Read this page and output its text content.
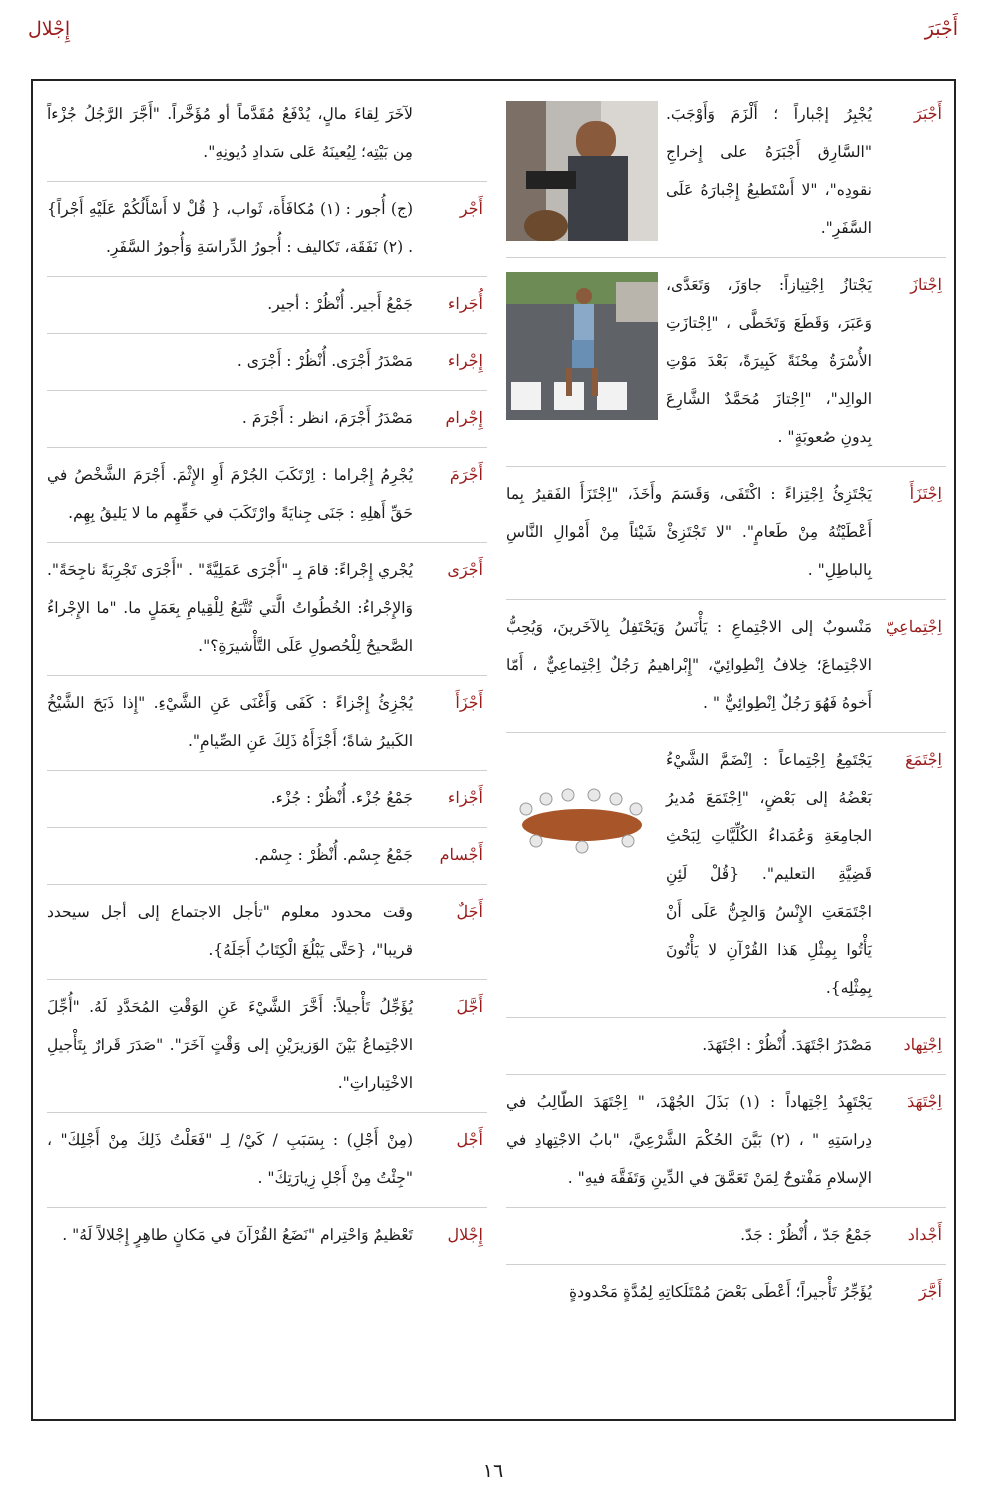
أَجْبَرَ
إِجْلال
أَجْبَرَ
يُجْبِرُ إجْباراً ؛ أَلْزَمَ وَأَوْجَبَ. "السَّارِق أَجْبَرَهُ على إِخراجِ نقودِه"، "لا أَسْتَطيعُ إِجْبارَهُ عَلَى السَّفَرِ".
اِجْتازَ
يَجْتازُ اِجْتِيازاً: جاوَزَ، وَتَعَدَّى، وَعَبَرَ، وَقَطَعَ وَتَخَطَّى ، "اِجْتازَتِ الأُسْرَةُ مِحْنَةً كَبِيرَةً، بَعْدَ مَوْتِ الوالِد"، "اِجْتازَ مُحَمَّدٌ الشَّارِعَ بِدونِ صُعوبَةٍ" .
اِجْتَزَأَ
يَجْتَزِئُ اِجْتِزاءً : اكْتَفَى، وَقَسَمَ وأَخَذَ، "اِجْتَزَأَ الفَقيرُ بِما أَعْطَيْتُهُ مِنْ طَعامٍ". "لا تَجْتَزِئْ شَيْئاً مِنْ أَمْوالِ النَّاسِ بِالباطِلِ" .
اِجْتِماعِيّ
مَنْسوبٌ إلى الاجْتِماعِ : يَأْنَسُ وَيَحْتَفِلُ بِالآخَرينَ، وَيُحِبُّ الاجْتِماعَ؛ خِلافُ اِنْطِوائِيّ، "إِبْراهيمُ رَجُلٌ اِجْتِماعِيٌّ ، أَمّا أَخوهُ فَهُوَ رَجُلٌ اِنْطِوائِيٌّ " .
اِجْتَمَعَ
يَجْتَمِعُ اِجْتِماعاً : اِنْضَمَّ الشَّيْءُ بَعْضُهُ إلى بَعْضٍ، "اِجْتَمَعَ مُديرُ الجامِعَةِ وَعُمَداءُ الكُلِّيَّاتِ لِبَحْثِ قَضِيَّةِ التعليم". {قُلْ لَئِنِ اجْتَمَعَتِ الإِنْسُ وَالجِنُّ عَلَى أَنْ يَأْتُوا بِمِثْلِ هَذا القُرْآنِ لا يَأْتُونَ بِمِثْلِه}.
اِجْتِهاد
مَصْدَرُ اجْتَهَدَ. أُنْظُرْ : اجْتَهَدَ.
اِجْتَهَدَ
يَجْتَهِدُ اِجْتِهاداً : (١) بَذَلَ الجُهْدَ، " اِجْتَهَدَ الطّالِبُ في دِراسَتِهِ " ، (٢) بَيَّنَ الحُكْمَ الشَّرْعِيَّ، "بابُ الاجْتِهادِ في الإسلامِ مَفْتوحٌ لِمَنْ تَعَمَّقَ في الدِّينِ وَتَفَقَّهَ فيهِ" .
أَجْداد
جَمْعُ جَدّ ، أُنْظُرْ : جَدّ.
أَجَّرَ
يُؤَجِّرُ تَأْجيراً؛ أَعْطَى بَعْضَ مُمْتَلَكاتِهِ لِمُدَّةٍ مَحْدودةٍ
لآخَرَ لِقاءَ مالٍ، يُدْفَعُ مُقَدَّماً أو مُؤَخَّراً. "أَجَّرَ الرَّجُلُ جُزْءاً مِن بَيْتِه؛ لِيُعينَهُ عَلى سَدادِ دُيونِهِ".
أَجْر
(ج) أُجور : (١) مُكافَأَة، ثَواب، { قُلْ لا أَسْأَلُكُمْ عَلَيْهِ أَجْراً} . (٢) نَفَقَة، تَكاليف : أُجورُ الدِّراسَةِ وَأُجورُ السَّفَرِ.
أُجَراء
جَمْعُ أَجير. أُنْظُرْ : أجير.
إِجْراء
مَصْدَرُ أَجْرَى. أُنْظُرْ : أَجْرَى .
إِجْرام
مَصْدَرُ أَجْرَمَ، انظر : أَجْرَمَ .
أَجْرَمَ
يُجْرِمُ إِجْراما : اِرْتَكَبَ الجُرْمَ أَوِ الإِثْمَ. أَجْرَمَ الشَّخْصُ في حَقِّ أَهلِهِ : جَنَى جِنايَةً وارْتَكَبَ في حَقِّهِم ما لا يَليقُ بِهِم.
أَجْرَى
يُجْري إِجْراءً: قامَ بِـ "أَجْرَى عَمَلِيَّةً" . "أَجْرَى تَجْرِبَةً ناجِحَةً". وَالإِجْراءُ: الخُطُواتُ الَّتي تُتَّبَعُ لِلْقِيامِ بِعَمَلٍ ما. "ما الإِجْراءُ الصَّحيحُ لِلْحُصولِ عَلَى التَّأْشيرَةِ؟".
أَجْزَأَ
يُجْزِئُ إِجْزاءً : كَفَى وَأَغْنَى عَنِ الشَّيْءِ. "إِذا ذَبَحَ الشَّيْخُ الكَبيرُ شاةً؛ أَجْزَأَهُ ذَلِكَ عَنِ الصِّيامِ".
أَجْزاء
جَمْعُ جُزْء. أُنْظُرْ : جُزْء.
أَجْسام
جَمْعُ جِسْم. أُنْظُرْ : جِسْم.
أَجَلٌ
وقت محدود معلوم "تأجل الاجتماع إلى أجل سيحدد قريبا"، {حَتَّى يَبْلُغَ الْكِتَابُ أَجَلَهُ}.
أَجَّلَ
يُؤَجِّلُ تَأْجيلاً: أَخَّرَ الشَّيْءَ عَنِ الوَقْتِ المُحَدَّدِ لَهُ. "أُجِّلَ الاجْتِماعُ بَيْنَ الوَزيرَيْنِ إلى وَقْتٍ آخَرَ". "صَدَرَ قَرارٌ بِتَأْجيلِ الاخْتِباراتِ".
أَجْل
(مِنْ أَجْلِ) : بِسَبَبِ / كَيْ/ لِـ "فَعَلْتُ ذَلِكَ مِنْ أَجْلِكَ" ، "جِئْتُ مِنْ أَجْلِ زِيارَتِكَ" .
إِجْلال
تَعْظيمٌ وَاحْتِرام "نَضَعُ القُرْآنَ في مَكانٍ طاهِرٍ إِجْلالاً لَهُ" .
١٦
